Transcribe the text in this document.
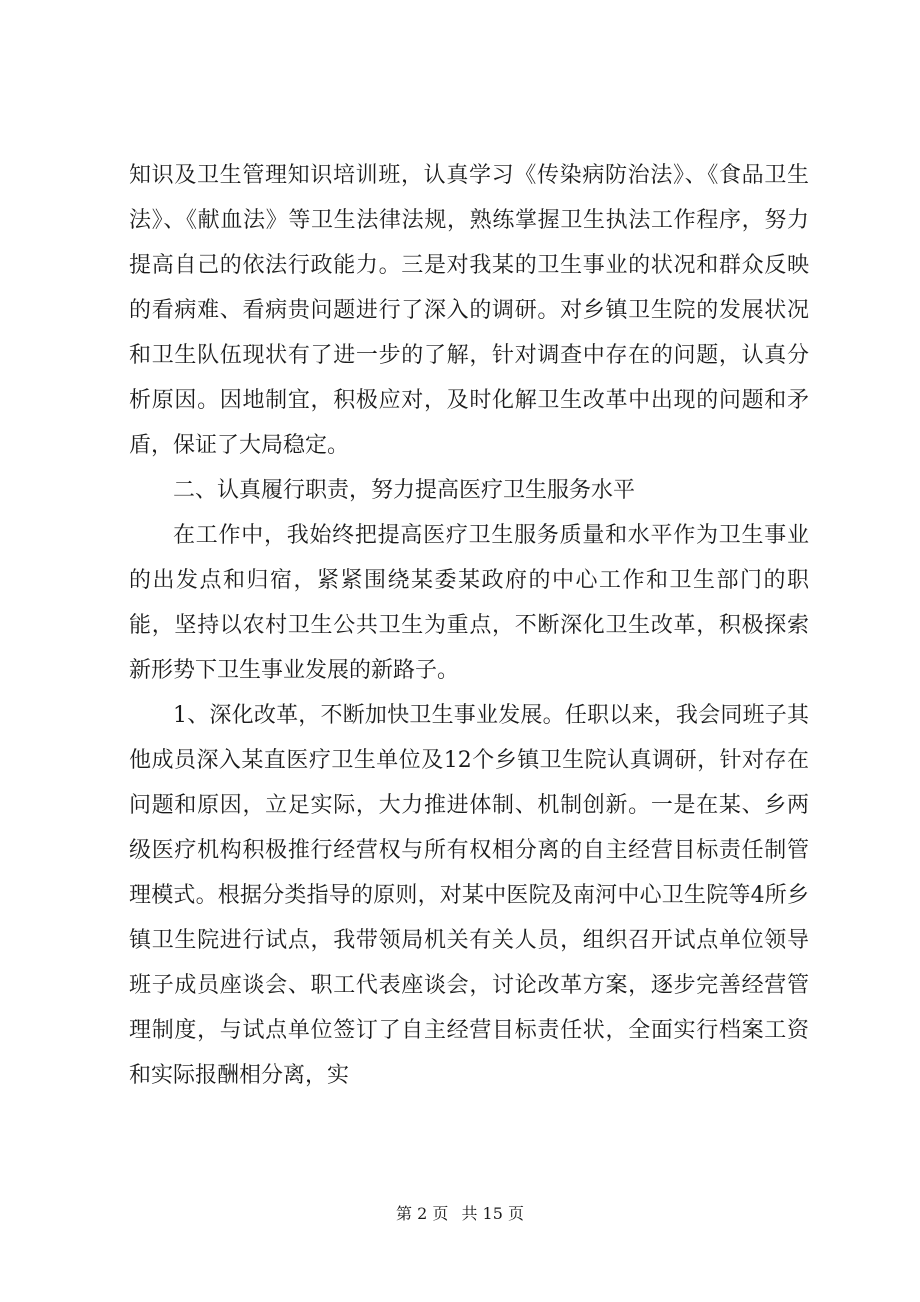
知识及卫生管理知识培训班，认真学习《传染病防治法》、《食品卫生法》、《献血法》等卫生法律法规，熟练掌握卫生执法工作程序，努力提高自己的依法行政能力。三是对我某的卫生事业的状况和群众反映的看病难、看病贵问题进行了深入的调研。对乡镇卫生院的发展状况和卫生队伍现状有了进一步的了解，针对调查中存在的问题，认真分析原因。因地制宜，积极应对，及时化解卫生改革中出现的问题和矛盾，保证了大局稳定。

二、认真履行职责，努力提高医疗卫生服务水平

在工作中，我始终把提高医疗卫生服务质量和水平作为卫生事业的出发点和归宿，紧紧围绕某委某政府的中心工作和卫生部门的职能，坚持以农村卫生公共卫生为重点，不断深化卫生改革，积极探索新形势下卫生事业发展的新路子。

1、深化改革，不断加快卫生事业发展。任职以来，我会同班子其他成员深入某直医疗卫生单位及12个乡镇卫生院认真调研，针对存在问题和原因，立足实际，大力推进体制、机制创新。一是在某、乡两级医疗机构积极推行经营权与所有权相分离的自主经营目标责任制管理模式。根据分类指导的原则，对某中医院及南河中心卫生院等4所乡镇卫生院进行试点，我带领局机关有关人员，组织召开试点单位领导班子成员座谈会、职工代表座谈会，讨论改革方案，逐步完善经营管理制度，与试点单位签订了自主经营目标责任状，全面实行档案工资和实际报酬相分离，实

第 2 页 共 15 页
